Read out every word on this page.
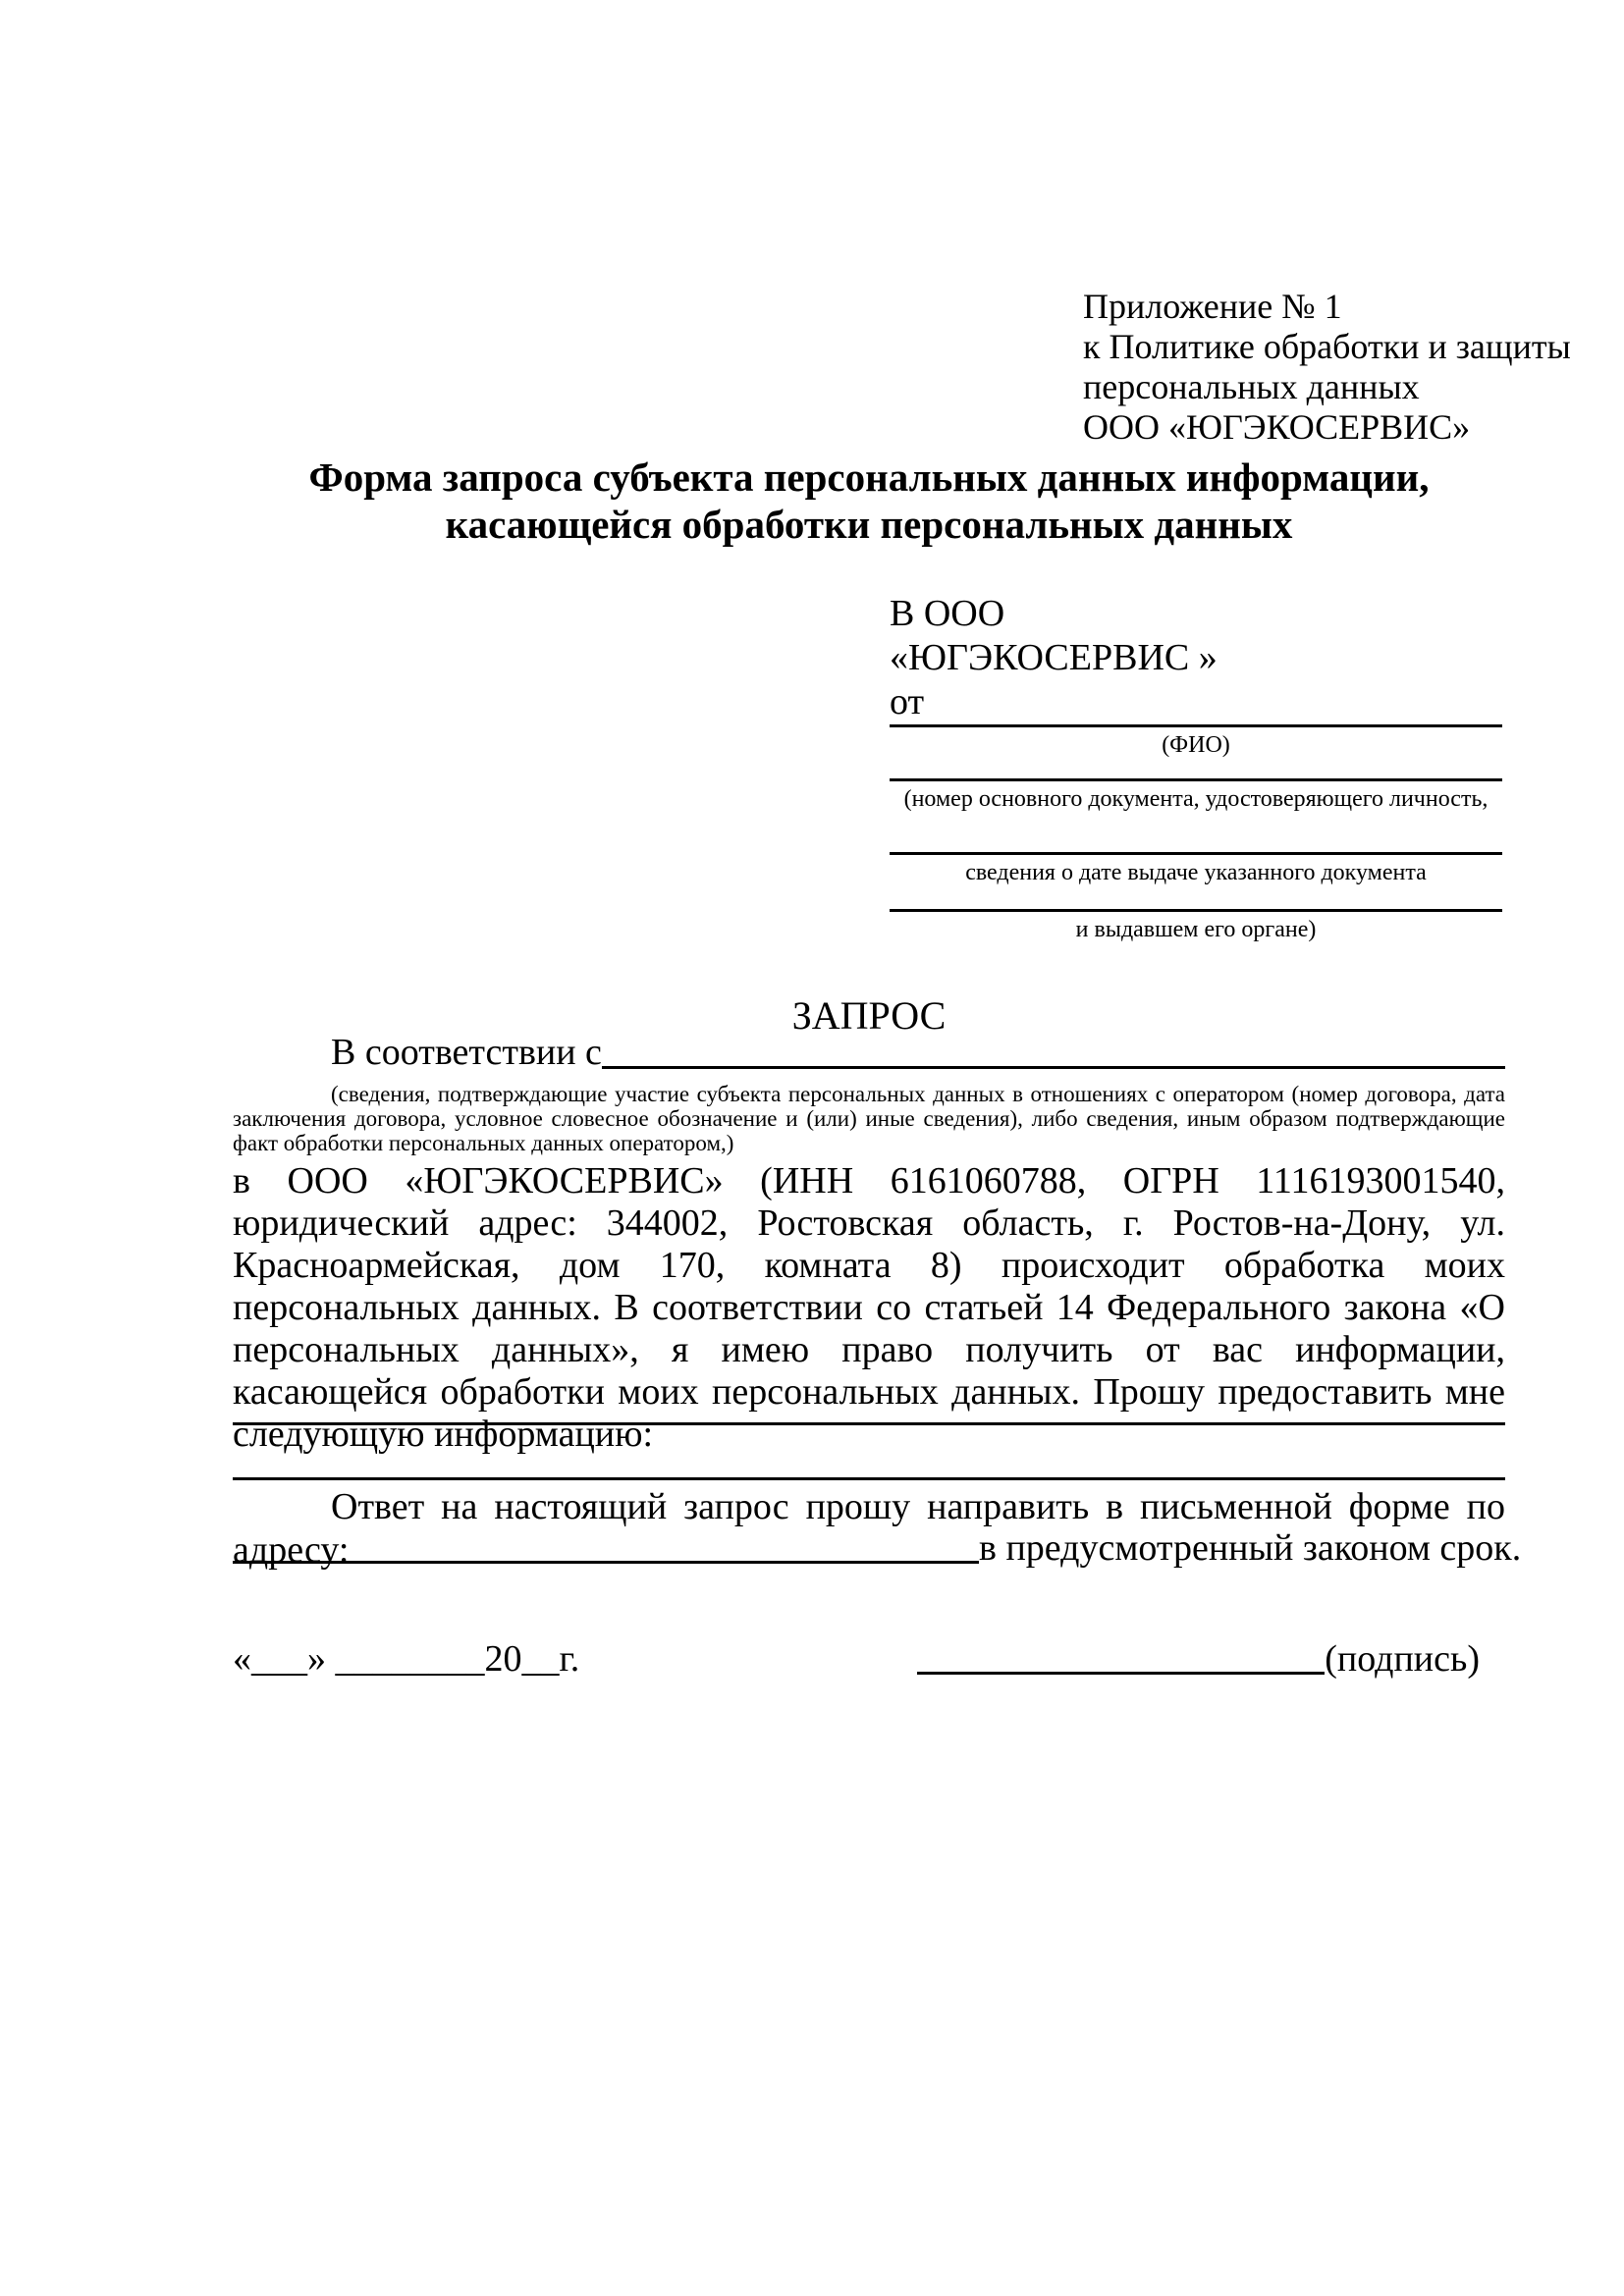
Приложение № 1
к Политике обработки и защиты
персональных данных
ООО «ЮГЭКОСЕРВИС»
Форма запроса субъекта персональных данных информации, касающейся обработки персональных данных
В ООО
«ЮГЭКОСЕРВИС »
от
(ФИО)
(номер основного документа, удостоверяющего личность,
сведения о дате выдаче указанного документа
и выдавшем его органе)
ЗАПРОС
В соответствии с
(сведения, подтверждающие участие субъекта персональных данных в отношениях с оператором (номер договора, дата заключения договора, условное словесное обозначение и (или) иные сведения), либо сведения, иным образом подтверждающие факт обработки персональных данных оператором,)
в ООО «ЮГЭКОСЕРВИС» (ИНН 6161060788, ОГРН 1116193001540, юридический адрес: 344002, Ростовская область, г. Ростов-на-Дону, ул. Красноармейская, дом 170, комната 8) происходит обработка моих персональных данных. В соответствии со статьей 14 Федерального закона «О персональных данных», я имею право получить от вас информации, касающейся обработки моих персональных данных. Прошу предоставить мне следующую информацию:
Ответ на настоящий запрос прошу направить в письменной форме по адресу:	в предусмотренный законом срок.
«___» ________20__г.	(подпись)
